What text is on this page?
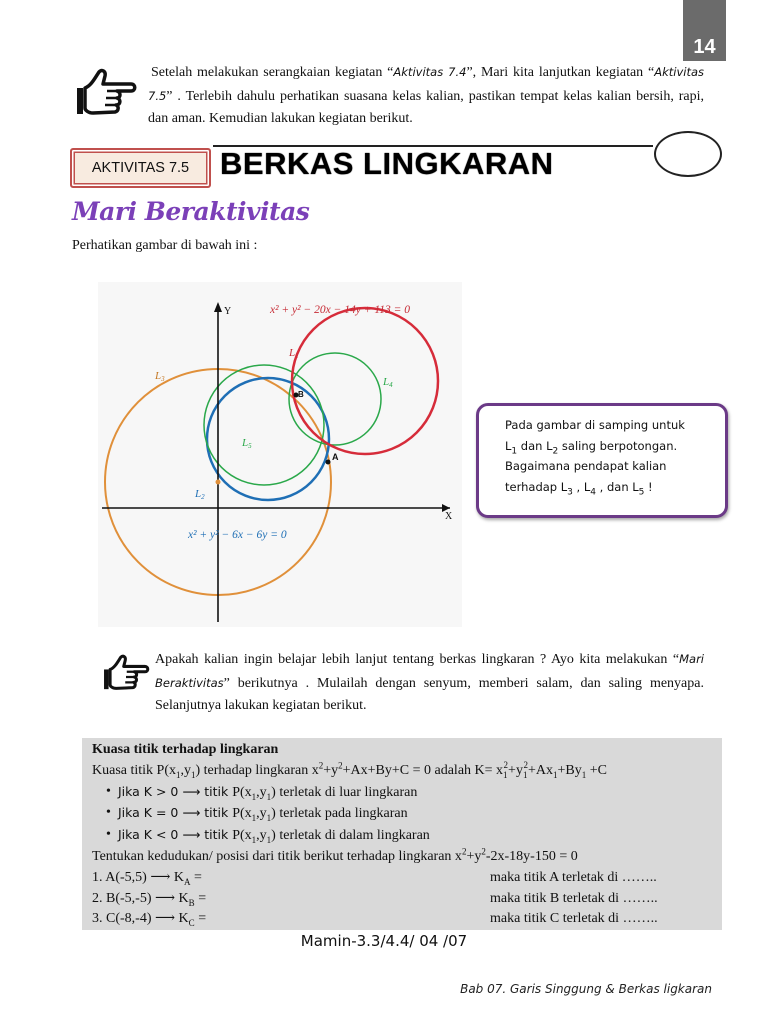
14
Setelah melakukan serangkaian kegiatan “Aktivitas 7.4”, Mari kita lanjutkan kegiatan “Aktivitas 7.5” . Terlebih dahulu perhatikan suasana kelas kalian, pastikan tempat kelas kalian bersih, rapi, dan aman. Kemudian lakukan kegiatan berikut.
AKTIVITAS 7.5 BERKAS LINGKARAN
Mari Beraktivitas
Perhatikan gambar di bawah ini :
Y
X
x² + y² − 20x − 14y + 113 = 0
x² + y² − 6x − 6y = 0
L1
L2
L3	L4
L5
A
B
Pada gambar di samping untuk
$L_1$ dan $L_2$ saling berpotongan.
Bagaimana pendapat kalian
terhadap $L_3$ , $L_4$ , dan $L_5$ !
Apakah kalian ingin belajar lebih lanjut tentang berkas lingkaran ? Ayo kita melakukan “Mari Beraktivitas” berikutnya . Mulailah dengan senyum, memberi salam, dan saling menyapa. Selanjutnya lakukan kegiatan berikut.
Kuasa titik terhadap lingkaran
Kuasa titik $P(x_1,y_1)$ terhadap lingkaran $x^2+y^2+Ax+By+C = 0$ adalah $K= x_1^2+y_1^2+Ax_1+By_1 +C$
• Jika K > 0 ⟶ titik $P(x_1,y_1)$ terletak di luar lingkaran
• Jika K = 0 ⟶ titik $P(x_1,y_1)$ terletak pada lingkaran
• Jika K < 0 ⟶ titik $P(x_1,y_1)$ terletak di dalam lingkaran
Tentukan kedudukan/ posisi dari titik berikut terhadap lingkaran $x^2+y^2-2x-18y-150 = 0$
1. A(-5,5) ⟶ $K_A$ =	maka titik A terletak di ……..
2. B(-5,-5) ⟶ $K_B$ =	maka titik B terletak di ……..
3. C(-8,-4) ⟶ $K_C$ =	maka titik C terletak di ……..
Mamin-3.3/4.4/ 04 /07
Bab 07. Garis Singgung & Berkas ligkaran
